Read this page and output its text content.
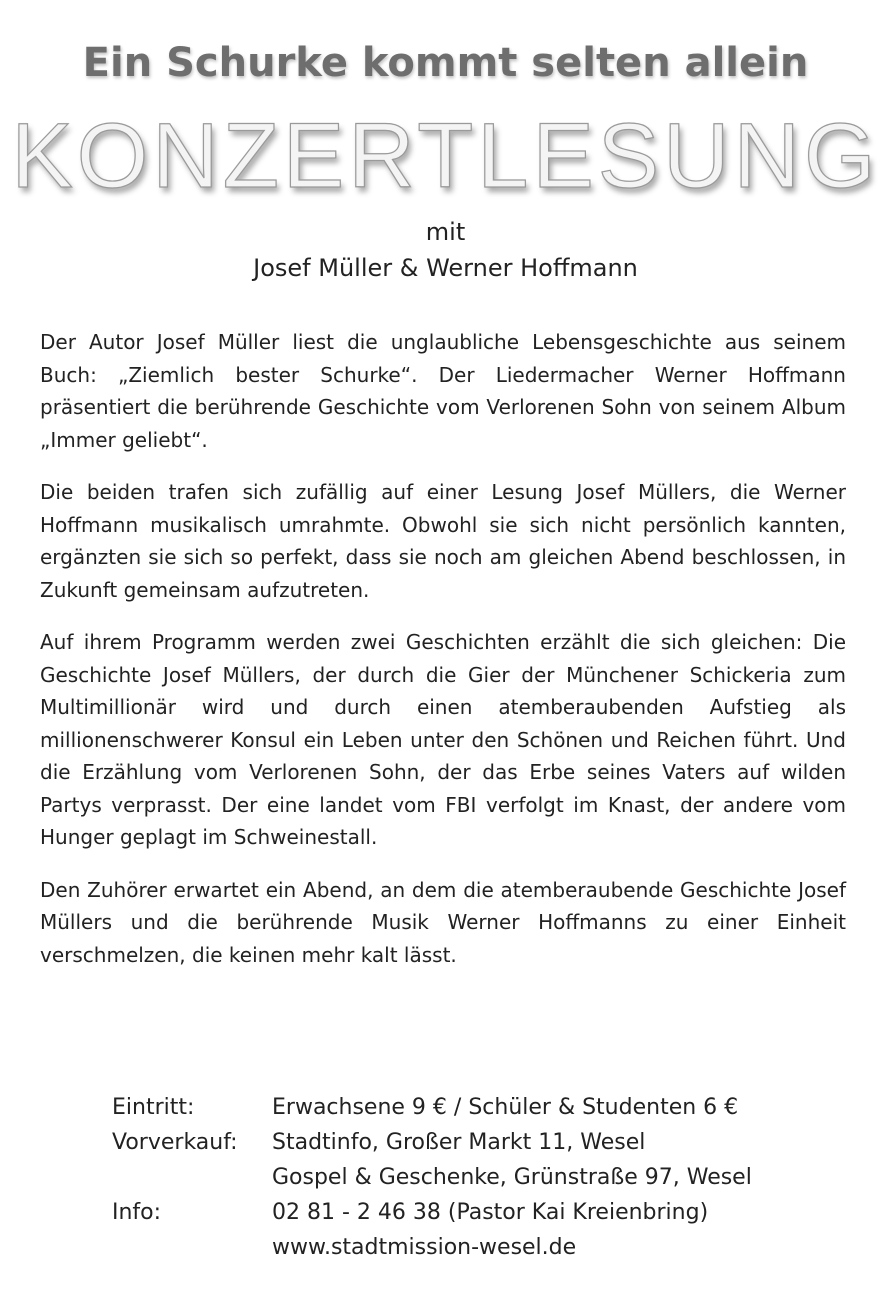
Ein Schurke kommt selten allein
KONZERTLESUNG
mit
Josef Müller & Werner Hoffmann

Der Autor Josef Müller liest die unglaubliche Lebensgeschichte aus seinem Buch: „Ziemlich bester Schurke“. Der Liedermacher Werner Hoffmann präsentiert die berührende Geschichte vom Verlorenen Sohn von seinem Album „Immer geliebt“.

Die beiden trafen sich zufällig auf einer Lesung Josef Müllers, die Werner Hoffmann musikalisch umrahmte. Obwohl sie sich nicht persönlich kannten, ergänzten sie sich so perfekt, dass sie noch am gleichen Abend beschlossen, in Zukunft gemeinsam aufzutreten.

Auf ihrem Programm werden zwei Geschichten erzählt die sich gleichen: Die Geschichte Josef Müllers, der durch die Gier der Münchener Schickeria zum Multimillionär wird und durch einen atemberaubenden Aufstieg als millionenschwerer Konsul ein Leben unter den Schönen und Reichen führt. Und die Erzählung vom Verlorenen Sohn, der das Erbe seines Vaters auf wilden Partys verprasst. Der eine landet vom FBI verfolgt im Knast, der andere vom Hunger geplagt im Schweinestall.

Den Zuhörer erwartet ein Abend, an dem die atemberaubende Geschichte Josef Müllers und die berührende Musik Werner Hoffmanns zu einer Einheit verschmelzen, die keinen mehr kalt lässt.

Eintritt:	Erwachsene 9 € / Schüler & Studenten 6 €
Vorverkauf:	Stadtinfo, Großer Markt 11, Wesel
Gospel & Geschenke, Grünstraße 97, Wesel
Info:	02 81 - 2 46 38 (Pastor Kai Kreienbring)
www.stadtmission-wesel.de
